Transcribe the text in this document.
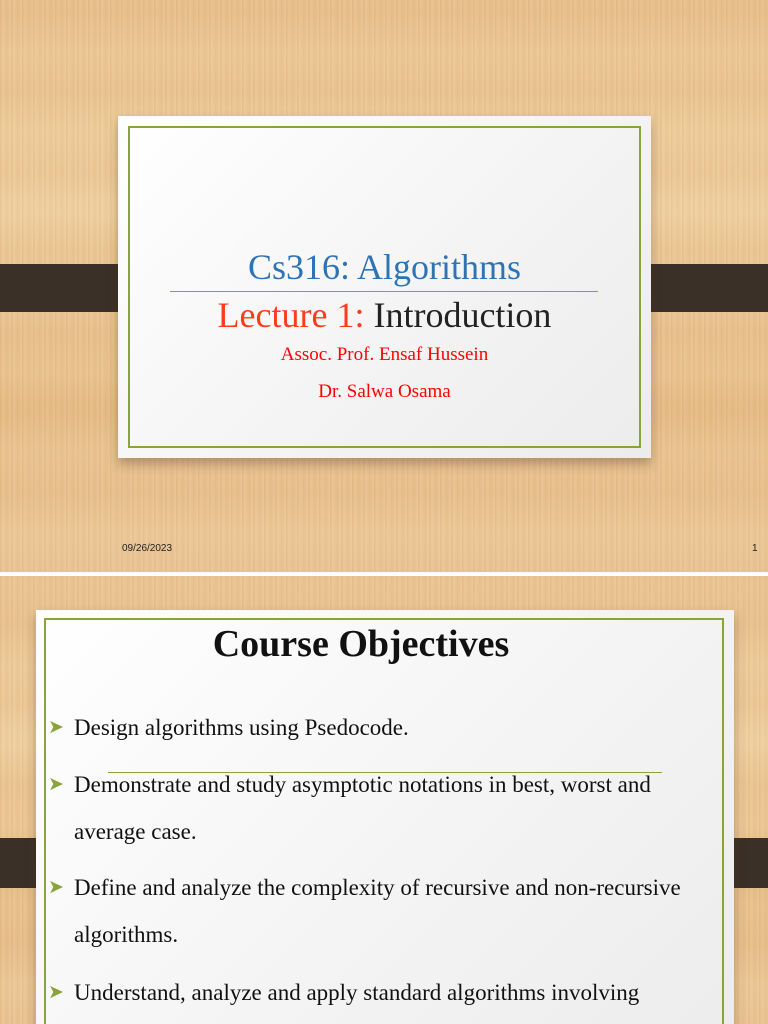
Cs316: Algorithms
Lecture 1: Introduction
Assoc. Prof. Ensaf Hussein
Dr. Salwa Osama
09/26/2023	1
Course Objectives
➤ Design algorithms using Psedocode.
➤ Demonstrate and study asymptotic notations in best, worst and average case.
➤ Define and analyze the complexity of recursive and non-recursive algorithms.
➤ Understand, analyze and apply standard algorithms involving
